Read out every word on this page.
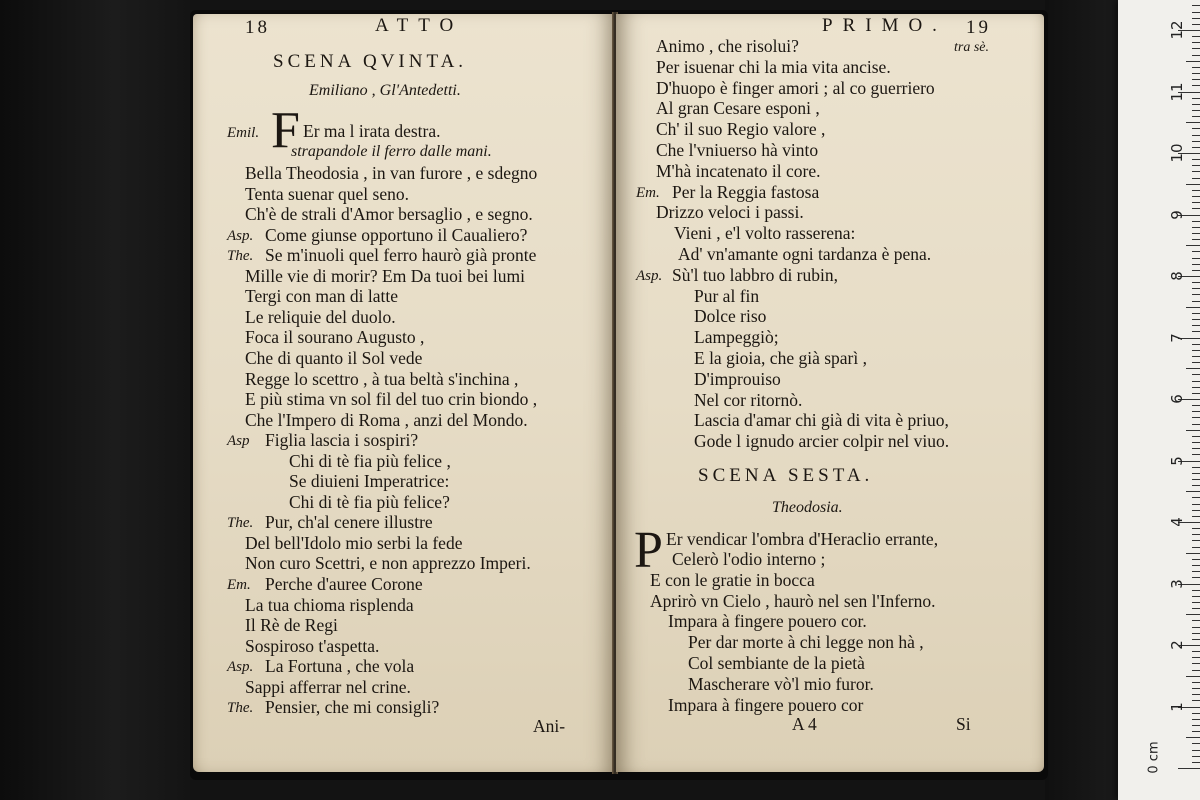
18	ATTO
SCENA QVINTA.
Emiliano , Gl'Antedetti.
Emil. F Er ma l irata destra.
strapandole il ferro dalle mani.
Bella Theodosia , in van furore , e sdegno
Tenta suenar quel seno.
Ch'è de strali d'Amor bersaglio , e segno.
Asp. Come giunse opportuno il Caualiero?
The. Se m'inuoli quel ferro haurò già pronte
Mille vie di morir? Em Da tuoi bei lumi
Tergi con man di latte
Le reliquie del duolo.
Foca il sourano Augusto ,
Che di quanto il Sol vede
Regge lo scettro , à tua beltà s'inchina ,
E più stima vn sol fil del tuo crin biondo ,
Che l'Impero di Roma , anzi del Mondo.
Asp Figlia lascia i sospiri?
Chi di tè fia più felice ,
Se diuieni Imperatrice:
Chi di tè fia più felice?
The. Pur, ch'al cenere illustre
Del bell'Idolo mio serbi la fede
Non curo Scettri, e non apprezzo Imperi.
Em. Perche d'auree Corone
La tua chioma risplenda
Il Rè de Regi
Sospiroso t'aspetta.
Asp. La Fortuna , che vola
Sappi afferrar nel crine.
The. Pensier, che mi consigli?
Ani-
PRIMO. 19
tra sè.
Animo , che risolui?
Per isuenar chi la mia vita ancise.
D'huopo è finger amori ; al co guerriero
Al gran Cesare esponi ,
Ch' il suo Regio valore ,
Che l'vniuerso hà vinto
M'hà incatenato il core.
Em. Per la Reggia fastosa
Drizzo veloci i passi.
Vieni , e'l volto rasserena:
Ad' vn'amante ogni tardanza è pena.
Asp. Sù'l tuo labbro di rubin,
Pur al fin
Dolce riso
Lampeggiò;
E la gioia, che già sparì ,
D'improuiso
Nel cor ritornò.
Lascia d'amar chi già di vita è priuo,
Gode l ignudo arcier colpir nel viuo.
SCENA SESTA.
Theodosia.
P Er vendicar l'ombra d'Heraclio errante,
Celerò l'odio interno ;
E con le gratie in bocca
Aprirò vn Cielo , haurò nel sen l'Inferno.
Impara à fingere pouero cor.
Per dar morte à chi legge non hà ,
Col sembiante de la pietà
Mascherare vò'l mio furor.
Impara à fingere pouero cor
A 4	Si
1
2
3
4
5
6
7
8
9
10
11
12
0 cm
